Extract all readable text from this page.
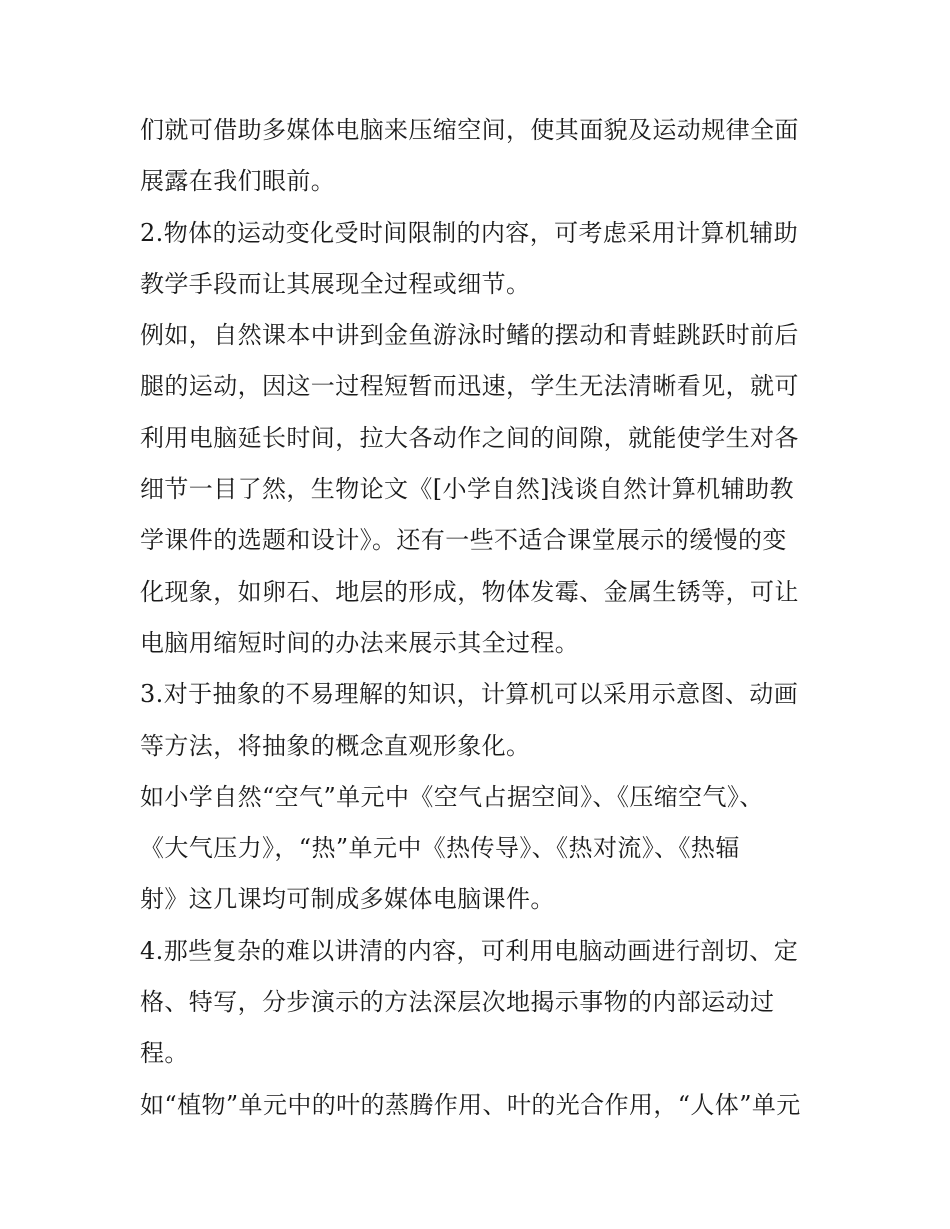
们就可借助多媒体电脑来压缩空间，使其面貌及运动规律全面
展露在我们眼前。
2.物体的运动变化受时间限制的内容，可考虑采用计算机辅助
教学手段而让其展现全过程或细节。
例如，自然课本中讲到金鱼游泳时鳍的摆动和青蛙跳跃时前后
腿的运动，因这一过程短暂而迅速，学生无法清晰看见，就可
利用电脑延长时间，拉大各动作之间的间隙，就能使学生对各
细节一目了然，生物论文《[小学自然]浅谈自然计算机辅助教
学课件的选题和设计》。还有一些不适合课堂展示的缓慢的变
化现象，如卵石、地层的形成，物体发霉、金属生锈等，可让
电脑用缩短时间的办法来展示其全过程。
3.对于抽象的不易理解的知识，计算机可以采用示意图、动画
等方法，将抽象的概念直观形象化。
如小学自然“空气”单元中《空气占据空间》、《压缩空气》、
《大气压力》，“热”单元中《热传导》、《热对流》、《热辐
射》这几课均可制成多媒体电脑课件。
4.那些复杂的难以讲清的内容，可利用电脑动画进行剖切、定
格、特写，分步演示的方法深层次地揭示事物的内部运动过
程。
如“植物”单元中的叶的蒸腾作用、叶的光合作用，“人体”单元
